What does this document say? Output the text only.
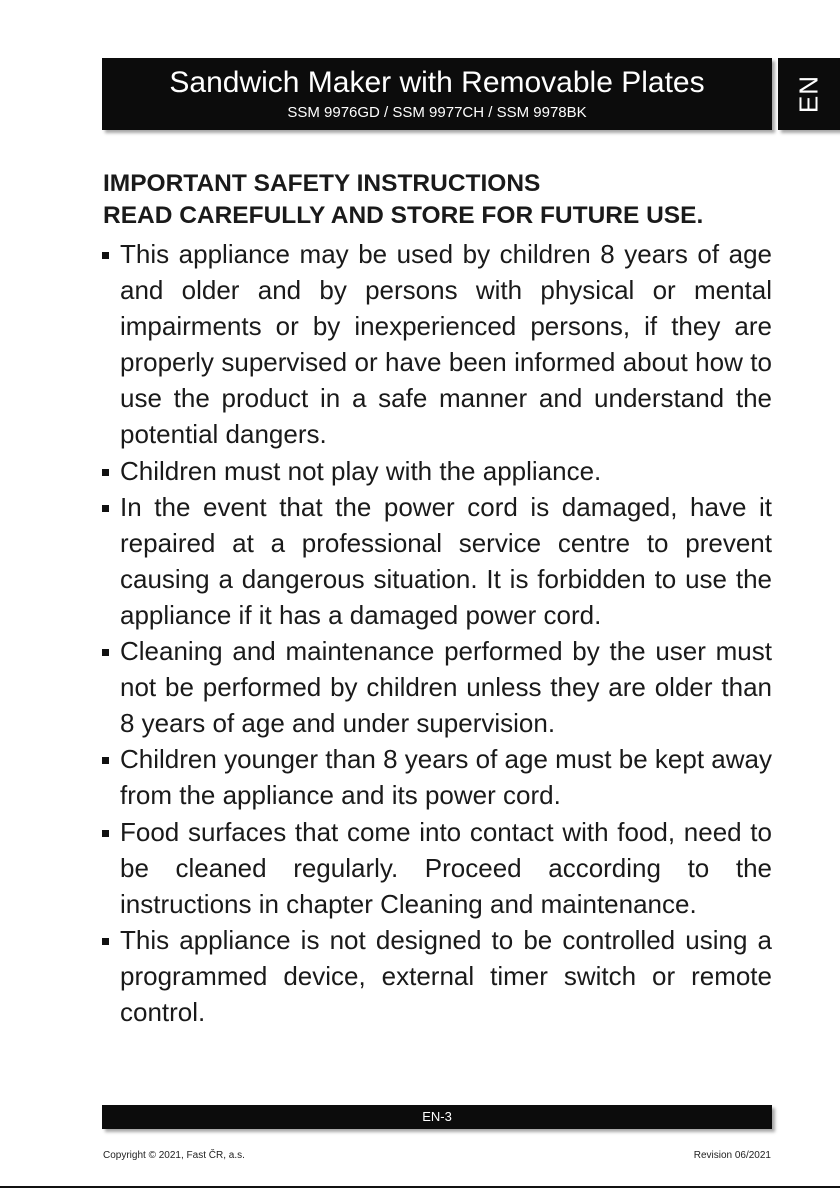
Sandwich Maker with Removable Plates
SSM 9976GD / SSM 9977CH / SSM 9978BK	EN
IMPORTANT SAFETY INSTRUCTIONS
READ CAREFULLY AND STORE FOR FUTURE USE.
This appliance may be used by children 8 years of age and older and by persons with physical or mental impairments or by inexperienced persons, if they are properly supervised or have been informed about how to use the product in a safe manner and understand the potential dangers.
Children must not play with the appliance.
In the event that the power cord is damaged, have it repaired at a professional service centre to prevent causing a dangerous situation. It is forbidden to use the appliance if it has a damaged power cord.
Cleaning and maintenance performed by the user must not be performed by children unless they are older than 8 years of age and under supervision.
Children younger than 8 years of age must be kept away from the appliance and its power cord.
Food surfaces that come into contact with food, need to be cleaned regularly. Proceed according to the instructions in chapter Cleaning and maintenance.
This appliance is not designed to be controlled using a programmed device, external timer switch or remote control.
EN-3
Copyright © 2021, Fast ČR, a.s.	Revision 06/2021
